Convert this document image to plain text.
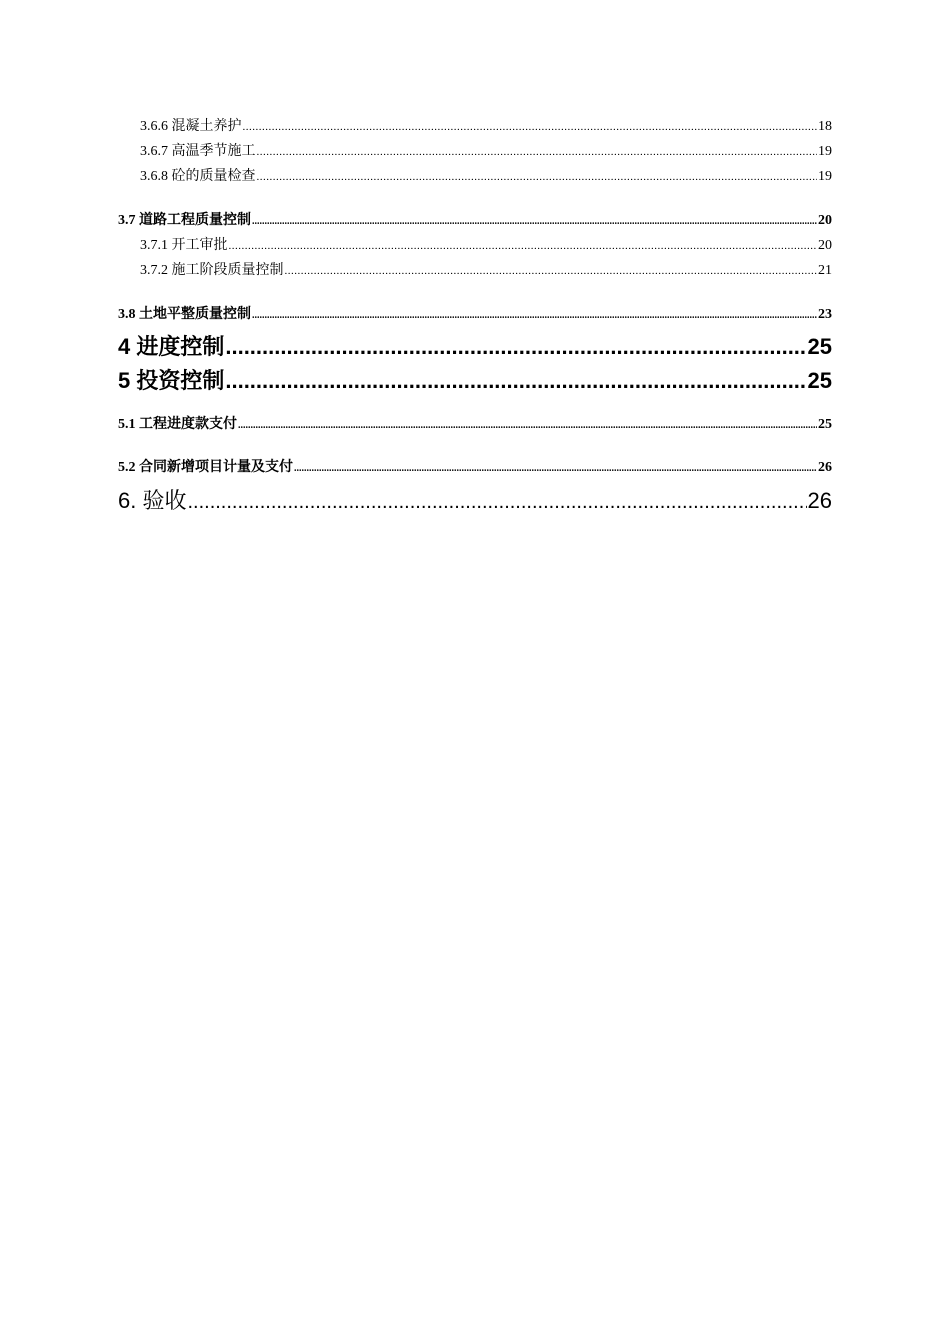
3.6.6 混凝土养护 .....	18
3.6.7 高温季节施工 .....	19
3.6.8 砼的质量检查 .....	19
3.7 道路工程质量控制 .....	20
3.7.1 开工审批 .....	20
3.7.2 施工阶段质量控制 .....	21
3.8 土地平整质量控制 .....	23
4 进度控制 .....	25
5 投资控制 .....	25
5.1 工程进度款支付 .....	25
5.2 合同新增项目计量及支付 .....	26
6. 验收 .....	26
